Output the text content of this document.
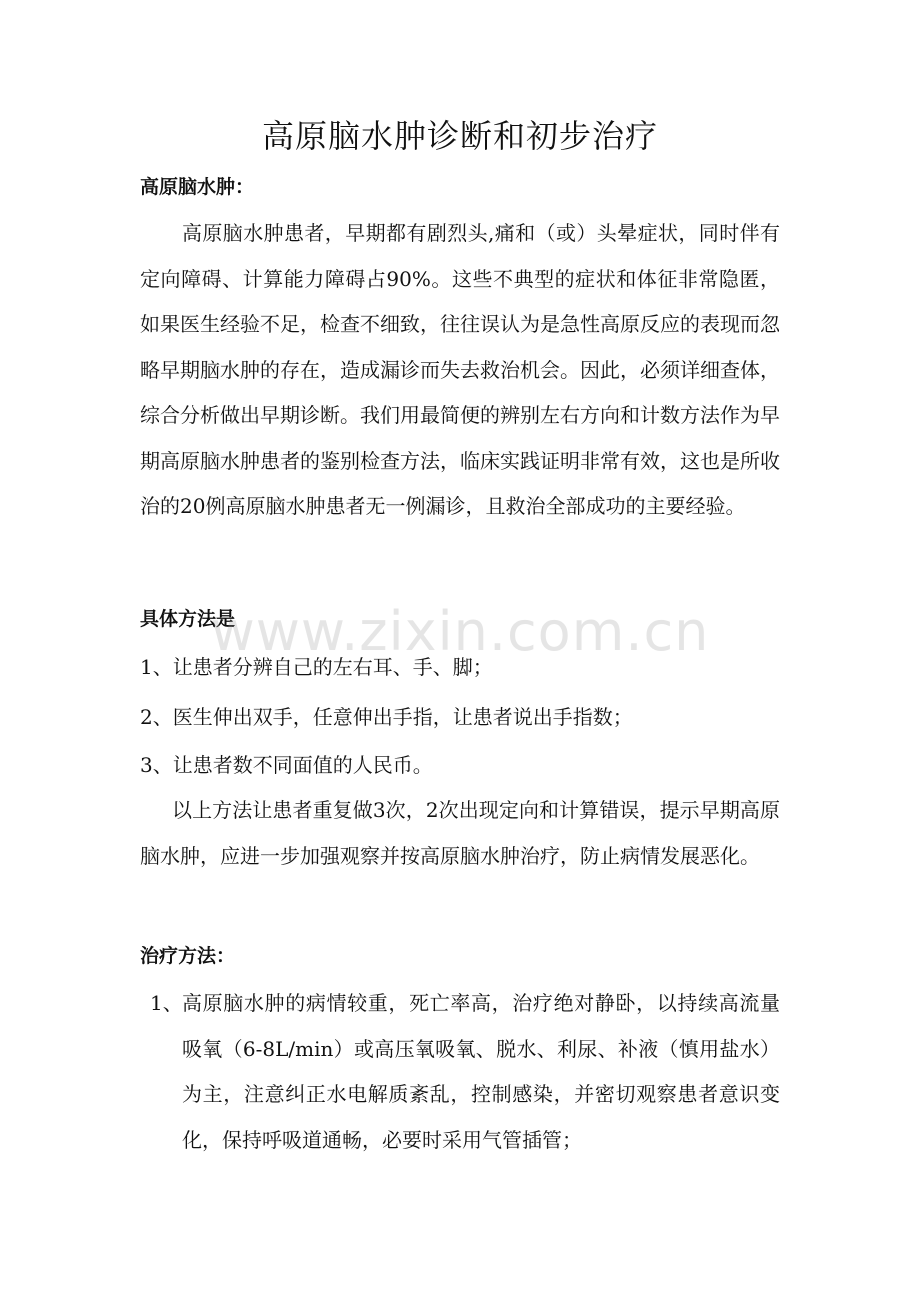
高原脑水肿诊断和初步治疗
高原脑水肿：
高原脑水肿患者，早期都有剧烈头,痛和（或）头晕症状，同时伴有定向障碍、计算能力障碍占90%。这些不典型的症状和体征非常隐匿，如果医生经验不足，检查不细致，往往误认为是急性高原反应的表现而忽略早期脑水肿的存在，造成漏诊而失去救治机会。因此，必须详细查体，综合分析做出早期诊断。我们用最简便的辨别左右方向和计数方法作为早期高原脑水肿患者的鉴别检查方法，临床实践证明非常有效，这也是所收治的20例高原脑水肿患者无一例漏诊，且救治全部成功的主要经验。
具体方法是
1、让患者分辨自己的左右耳、手、脚；
2、医生伸出双手，任意伸出手指，让患者说出手指数；
3、让患者数不同面值的人民币。
以上方法让患者重复做3次，2次出现定向和计算错误，提示早期高原脑水肿，应进一步加强观察并按高原脑水肿治疗，防止病情发展恶化。
治疗方法：
1、 高原脑水肿的病情较重，死亡率高，治疗绝对静卧，以持续高流量吸氧（6-8L/min）或高压氧吸氧、脱水、利尿、补液（慎用盐水）为主，注意纠正水电解质紊乱，控制感染，并密切观察患者意识变化，保持呼吸道通畅，必要时采用气管插管；
www.zixin.com.cn
